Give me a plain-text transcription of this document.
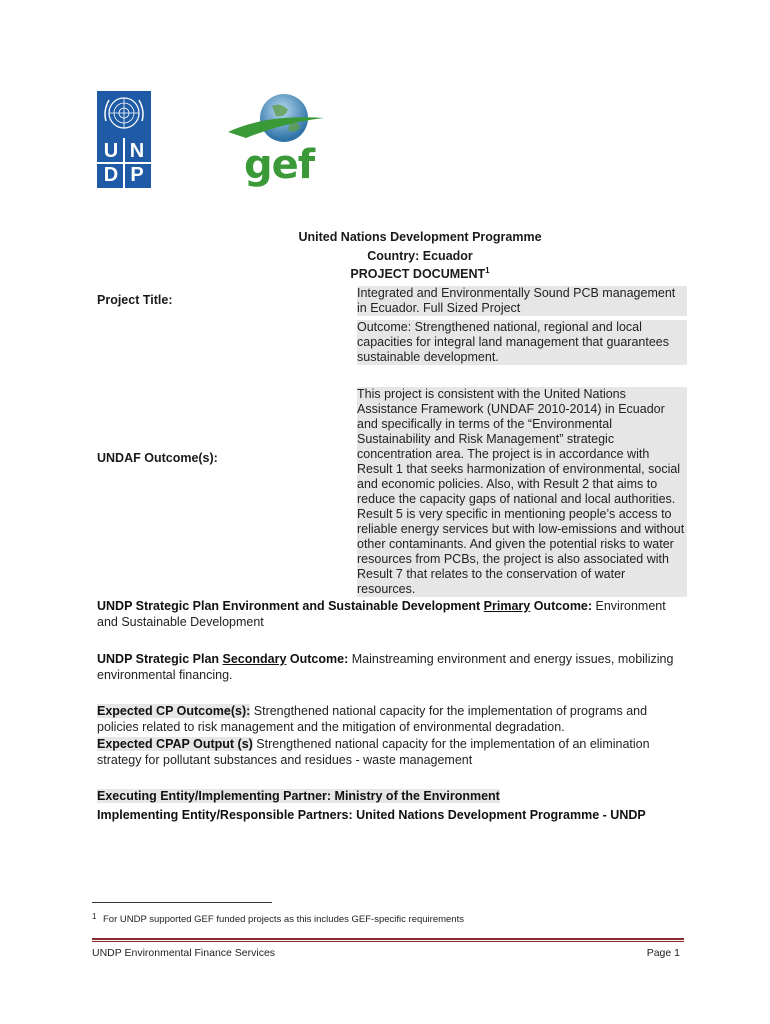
U N
D P	gef
United Nations Development Programme
Country: Ecuador
PROJECT DOCUMENT$^1$
Project Title:	Integrated and Environmentally Sound PCB management in Ecuador. Full Sized Project
Outcome: Strengthened national, regional and local capacities for integral land management that guarantees sustainable development.
UNDAF Outcome(s):
This project is consistent with the United Nations Assistance Framework (UNDAF 2010-2014) in Ecuador and specifically in terms of the “Environmental Sustainability and Risk Management” strategic concentration area. The project is in accordance with Result 1 that seeks harmonization of environmental, social and economic policies. Also, with Result 2 that aims to reduce the capacity gaps of national and local authorities. Result 5 is very specific in mentioning people’s access to reliable energy services but with low-emissions and without other contaminants. And given the potential risks to water resources from PCBs, the project is also associated with Result 7 that relates to the conservation of water resources.
UNDP Strategic Plan Environment and Sustainable Development Primary Outcome: Environment and Sustainable Development
UNDP Strategic Plan Secondary Outcome: Mainstreaming environment and energy issues, mobilizing environmental financing.
Expected CP Outcome(s): Strengthened national capacity for the implementation of programs and policies related to risk management and the mitigation of environmental degradation.
Expected CPAP Output (s) Strengthened national capacity for the implementation of an elimination strategy for pollutant substances and residues - waste management
Executing Entity/Implementing Partner: Ministry of the Environment
Implementing Entity/Responsible Partners: United Nations Development Programme - UNDP
1 For UNDP supported GEF funded projects as this includes GEF-specific requirements
UNDP Environmental Finance Services	Page 1
